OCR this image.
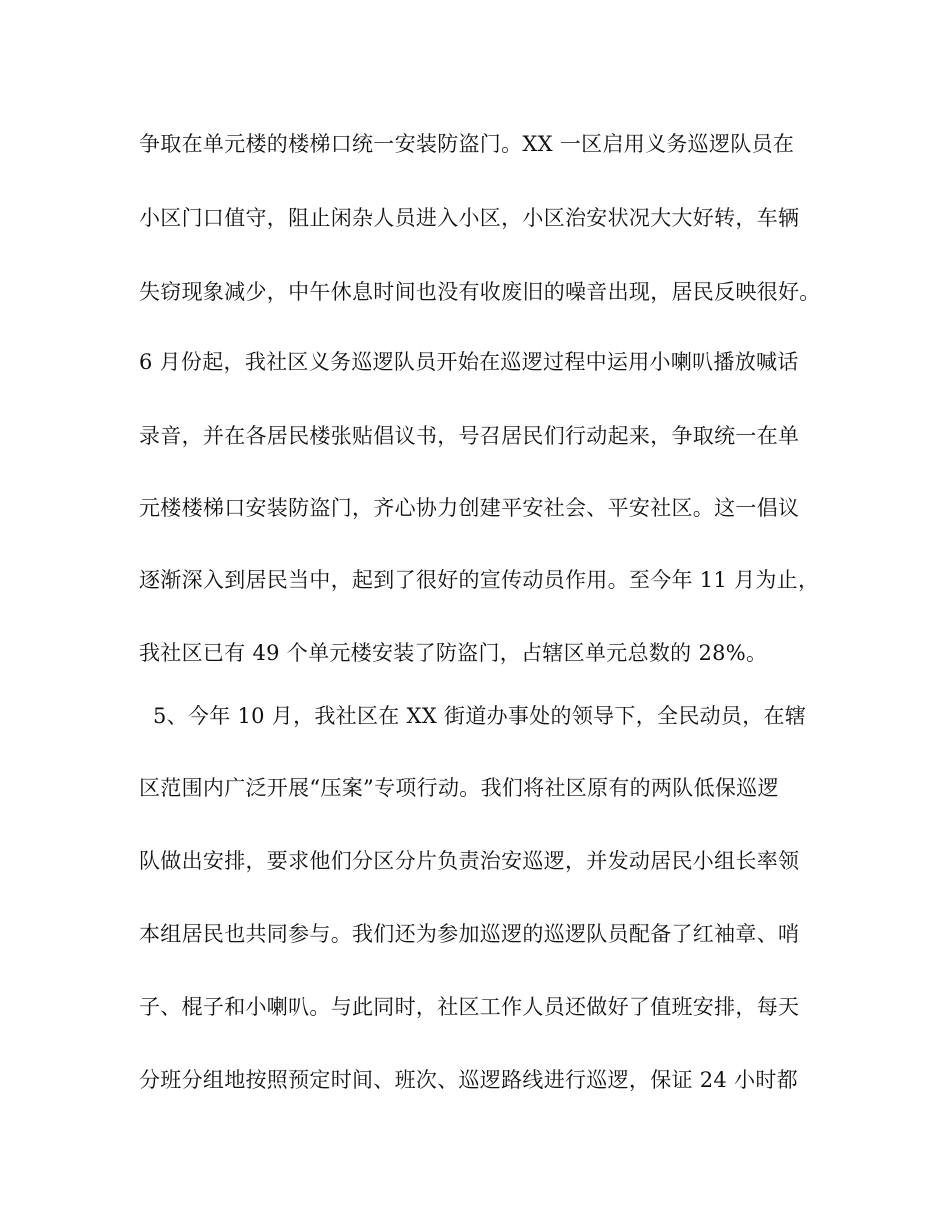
争取在单元楼的楼梯口统一安装防盗门。XX 一区启用义务巡逻队员在
小区门口值守，阻止闲杂人员进入小区，小区治安状况大大好转，车辆
失窃现象减少，中午休息时间也没有收废旧的噪音出现，居民反映很好。
6 月份起，我社区义务巡逻队员开始在巡逻过程中运用小喇叭播放喊话
录音，并在各居民楼张贴倡议书，号召居民们行动起来，争取统一在单
元楼楼梯口安装防盗门，齐心协力创建平安社会、平安社区。这一倡议
逐渐深入到居民当中，起到了很好的宣传动员作用。至今年 11 月为止，
我社区已有 49 个单元楼安装了防盗门，占辖区单元总数的 28%。
5、今年 10 月，我社区在 XX 街道办事处的领导下，全民动员，在辖
区范围内广泛开展“压案”专项行动。我们将社区原有的两队低保巡逻
队做出安排，要求他们分区分片负责治安巡逻，并发动居民小组长率领
本组居民也共同参与。我们还为参加巡逻的巡逻队员配备了红袖章、哨
子、棍子和小喇叭。与此同时，社区工作人员还做好了值班安排，每天
分班分组地按照预定时间、班次、巡逻路线进行巡逻，保证 24 小时都
